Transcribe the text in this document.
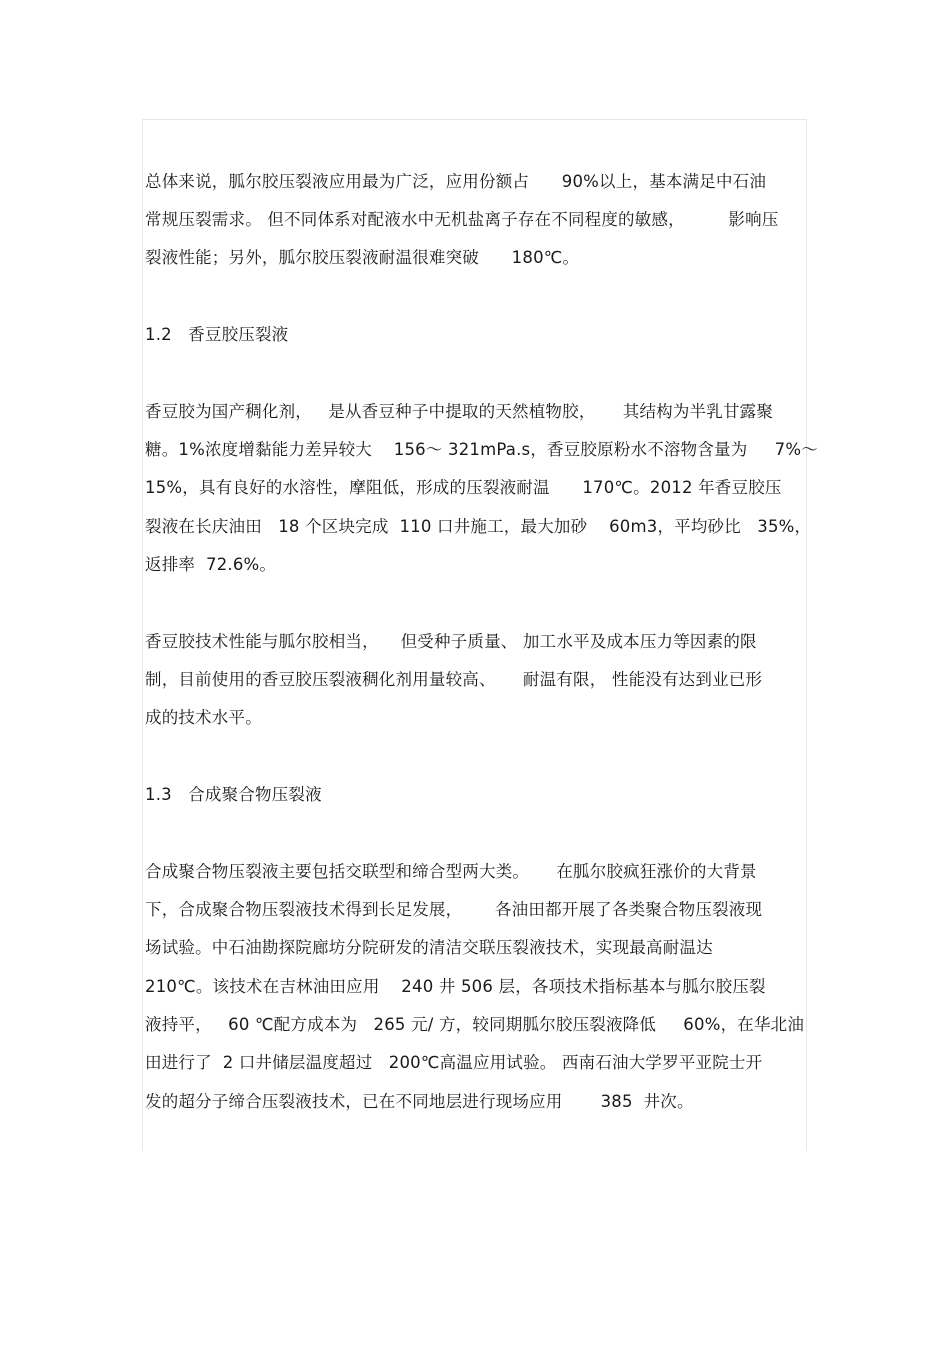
总体来说，胍尔胶压裂液应用最为广泛，应用份额占      90%以上，基本满足中石油
常规压裂需求。 但不同体系对配液水中无机盐离子存在不同程度的敏感，        影响压
裂液性能；另外，胍尔胶压裂液耐温很难突破      180℃。
1.2   香豆胶压裂液
香豆胶为国产稠化剂，   是从香豆种子中提取的天然植物胶，     其结构为半乳甘露聚
糖。1%浓度增黏能力差异较大    156～ 321mPa.s，香豆胶原粉水不溶物含量为     7%～
15%，具有良好的水溶性，摩阻低，形成的压裂液耐温      170℃。2012 年香豆胶压
裂液在长庆油田   18 个区块完成  110 口井施工，最大加砂    60m3，平均砂比   35%，
返排率  72.6%。
香豆胶技术性能与胍尔胶相当，    但受种子质量、 加工水平及成本压力等因素的限
制，目前使用的香豆胶压裂液稠化剂用量较高、     耐温有限， 性能没有达到业已形
成的技术水平。
1.3   合成聚合物压裂液
合成聚合物压裂液主要包括交联型和缔合型两大类。     在胍尔胶疯狂涨价的大背景
下，合成聚合物压裂液技术得到长足发展，      各油田都开展了各类聚合物压裂液现
场试验。中石油勘探院廊坊分院研发的清洁交联压裂液技术，实现最高耐温达
210℃。该技术在吉林油田应用    240 井 506 层，各项技术指标基本与胍尔胶压裂
液持平，   60 ℃配方成本为   265 元/ 方，较同期胍尔胶压裂液降低     60%，在华北油
田进行了  2 口井储层温度超过   200℃高温应用试验。 西南石油大学罗平亚院士开
发的超分子缔合压裂液技术，已在不同地层进行现场应用       385  井次。
